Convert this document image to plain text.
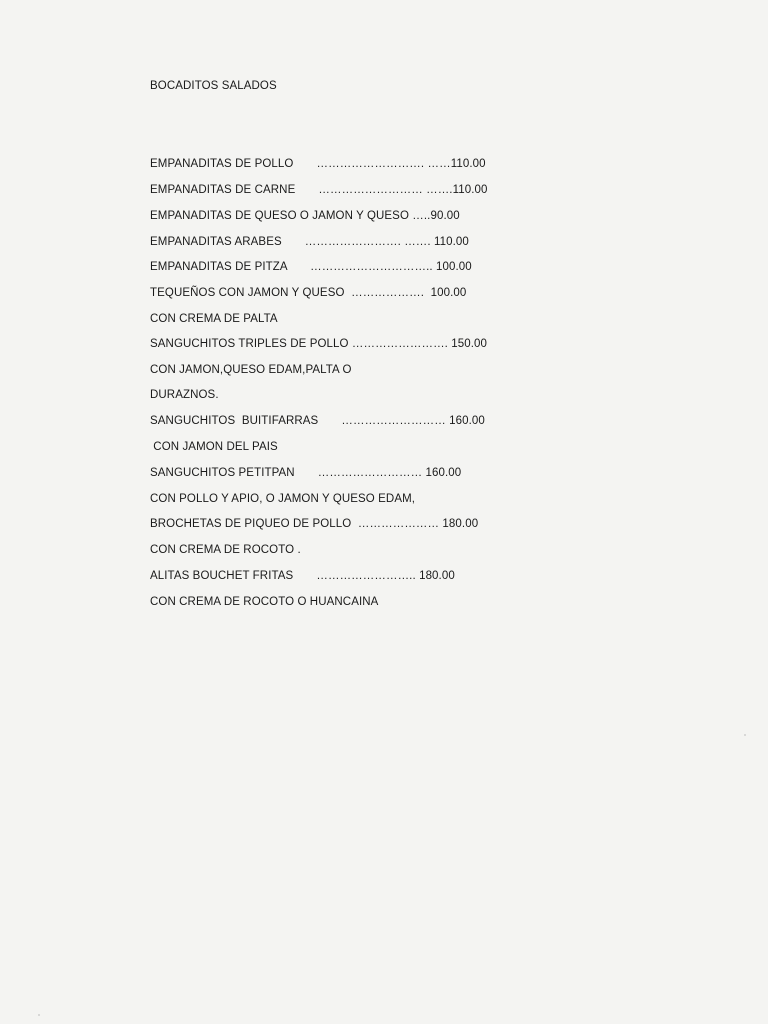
BOCADITOS SALADOS
EMPANADITAS DE POLLO       ………………………. ……110.00
EMPANADITAS DE CARNE       ……………………… …….110.00
EMPANADITAS DE QUESO O JAMON Y QUESO …..90.00
EMPANADITAS ARABES       ……………………. ……. 110.00
EMPANADITAS DE PITZA       ………………………….. 100.00
TEQUEÑOS CON JAMON Y QUESO  ……………….  100.00
CON CREMA DE PALTA
SANGUCHITOS TRIPLES DE POLLO ……………………. 150.00
CON JAMON,QUESO EDAM,PALTA O
DURAZNOS.
SANGUCHITOS  BUITIFARRAS       ……………………… 160.00
CON JAMON DEL PAIS
SANGUCHITOS PETITPAN       ……………………… 160.00
CON POLLO Y APIO, O JAMON Y QUESO EDAM,
BROCHETAS DE PIQUEO DE POLLO  ………………… 180.00
CON CREMA DE ROCOTO .
ALITAS BOUCHET FRITAS       …………………….. 180.00
CON CREMA DE ROCOTO O HUANCAINA
